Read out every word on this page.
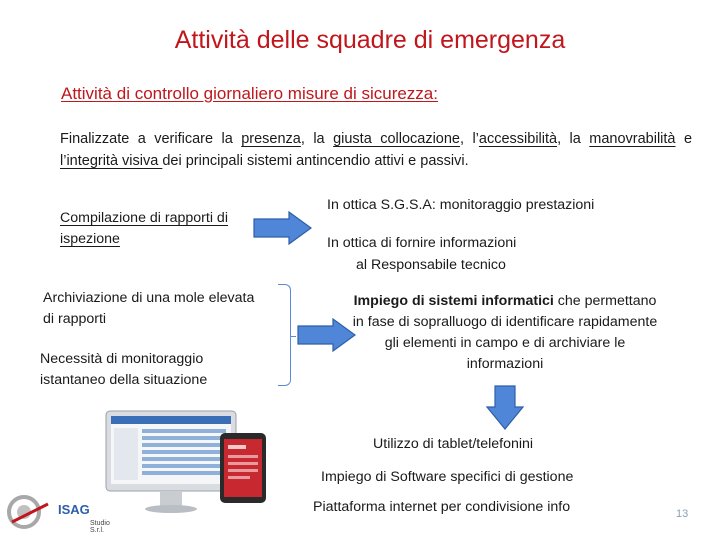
Attività delle squadre di emergenza
Attività di controllo giornaliero misure di sicurezza:
Finalizzate a verificare la presenza, la giusta collocazione, l’accessibilità, la manovrabilità e l’integrità visiva dei principali sistemi antincendio attivi e passivi.
Compilazione di rapporti di ispezione
Archiviazione di una mole elevata di rapporti
Necessità di monitoraggio istantaneo della situazione
In ottica S.G.S.A: monitoraggio prestazioni
In ottica di fornire informazioni
al Responsabile tecnico
Impiego di sistemi informatici che permettano in fase di sopralluogo di identificare rapidamente gli elementi in campo e di archiviare le informazioni
Utilizzo di tablet/telefonini
Impiego di Software specifici di gestione
Piattaforma internet per condivisione info
ISAG
Studio S.r.l.
13
